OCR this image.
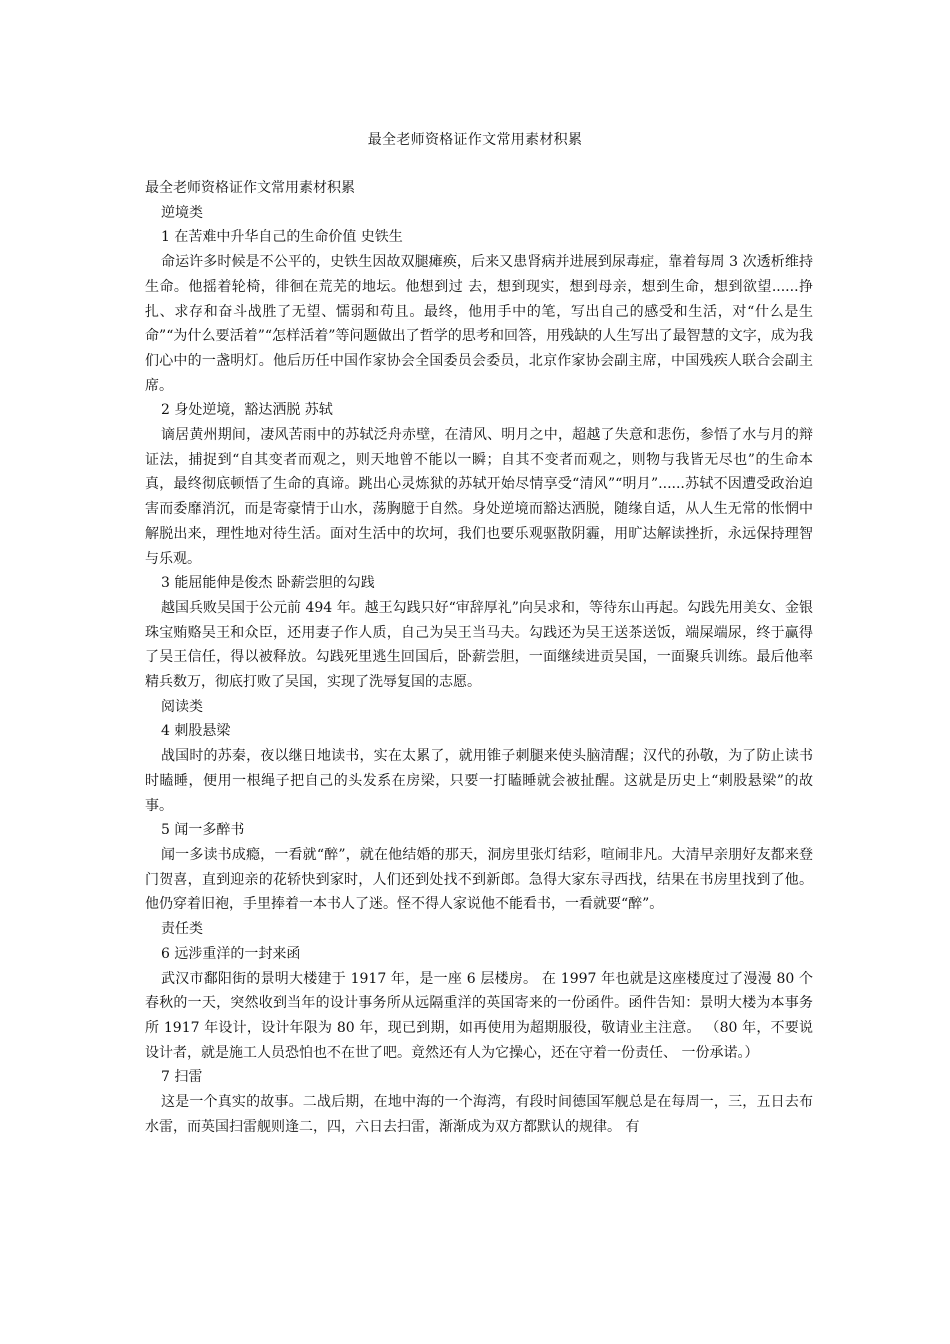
最全老师资格证作文常用素材积累

最全老师资格证作文常用素材积累

逆境类

1 在苦难中升华自己的生命价值 史铁生

命运许多时候是不公平的，史铁生因故双腿瘫痪，后来又患肾病并进展到尿毒症，靠着每周 3 次透析维持生命。他摇着轮椅，徘徊在荒芜的地坛。他想到过 去，想到现实，想到母亲，想到生命，想到欲望......挣扎、求存和奋斗战胜了无望、懦弱和苟且。最终，他用手中的笔，写出自己的感受和生活，对“什么是生命”“为什么要活着”“怎样活着”等问题做出了哲学的思考和回答，用残缺的人生写出了最智慧的文字，成为我们心中的一盏明灯。他后历任中国作家协会全国委员会委员，北京作家协会副主席，中国残疾人联合会副主席。

2 身处逆境，豁达洒脱 苏轼

谪居黄州期间，凄风苦雨中的苏轼泛舟赤壁，在清风、明月之中，超越了失意和悲伤，参悟了水与月的辩证法，捕捉到“自其变者而观之，则天地曾不能以一瞬；自其不变者而观之，则物与我皆无尽也”的生命本真，最终彻底顿悟了生命的真谛。跳出心灵炼狱的苏轼开始尽情享受“清风”“明月”......苏轼不因遭受政治迫害而委靡消沉，而是寄豪情于山水，荡胸臆于自然。身处逆境而豁达洒脱，随缘自适，从人生无常的怅惘中解脱出来，理性地对待生活。面对生活中的坎坷，我们也要乐观驱散阴霾，用旷达解读挫折，永远保持理智与乐观。

3 能屈能伸是俊杰 卧薪尝胆的勾践

越国兵败吴国于公元前 494 年。越王勾践只好“审辞厚礼”向吴求和，等待东山再起。勾践先用美女、金银珠宝贿赂吴王和众臣，还用妻子作人质，自己为吴王当马夫。勾践还为吴王送茶送饭，端屎端尿，终于赢得了吴王信任，得以被释放。勾践死里逃生回国后，卧薪尝胆，一面继续进贡吴国，一面聚兵训练。最后他率精兵数万，彻底打败了吴国，实现了洗辱复国的志愿。

阅读类

4 刺股悬梁

战国时的苏秦，夜以继日地读书，实在太累了，就用锥子刺腿来使头脑清醒；汉代的孙敬，为了防止读书时瞌睡，便用一根绳子把自己的头发系在房梁，只要一打瞌睡就会被扯醒。这就是历史上“刺股悬梁”的故事。

5 闻一多醉书

闻一多读书成瘾，一看就“醉”，就在他结婚的那天，洞房里张灯结彩，喧闹非凡。大清早亲朋好友都来登门贺喜，直到迎亲的花轿快到家时，人们还到处找不到新郎。急得大家东寻西找，结果在书房里找到了他。他仍穿着旧袍，手里捧着一本书人了迷。怪不得人家说他不能看书，一看就要“醉”。

责任类

6 远涉重洋的一封来函

武汉市鄱阳街的景明大楼建于 1917 年，是一座 6 层楼房。 在 1997 年也就是这座楼度过了漫漫 80 个春秋的一天，突然收到当年的设计事务所从远隔重洋的英国寄来的一份函件。函件告知：景明大楼为本事务所 1917 年设计，设计年限为 80 年，现已到期，如再使用为超期服役，敬请业主注意。 （80 年，不要说设计者，就是施工人员恐怕也不在世了吧。竟然还有人为它操心，还在守着一份责任、 一份承诺。）

7 扫雷

这是一个真实的故事。二战后期，在地中海的一个海湾，有段时间德国军舰总是在每周一，三，五日去布水雷，而英国扫雷舰则逢二，四，六日去扫雷，渐渐成为双方都默认的规律。 有
